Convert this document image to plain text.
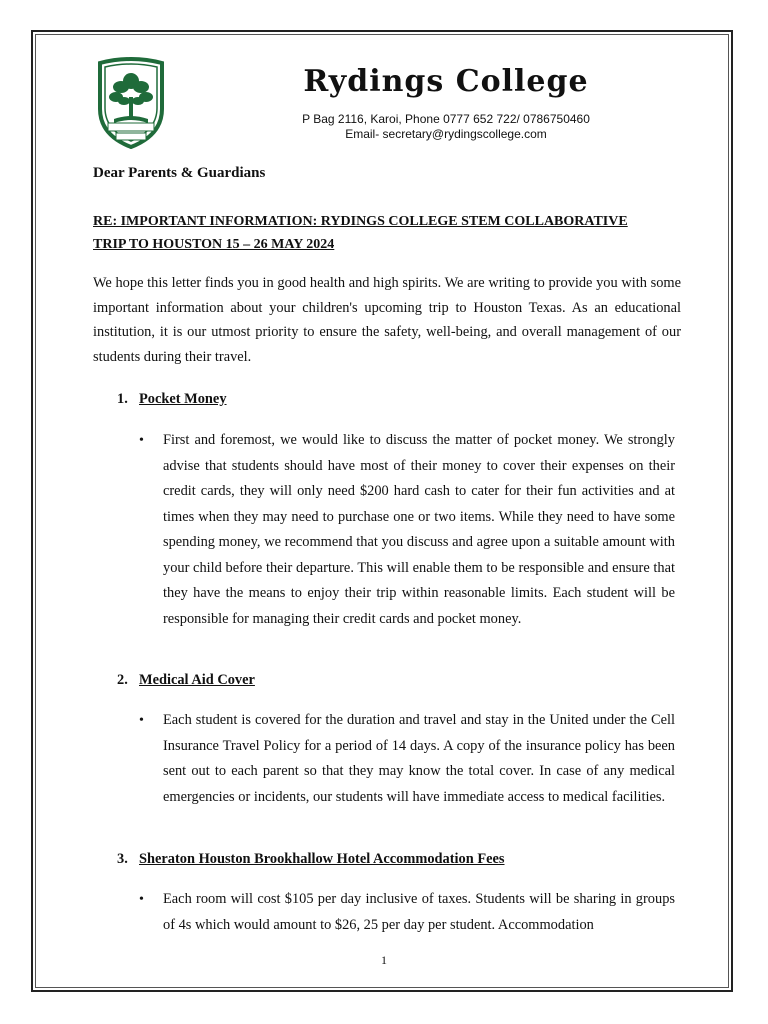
Rydings College
P Bag 2116, Karoi, Phone 0777 652 722/ 0786750460
Email- secretary@rydingscollege.com
Dear Parents & Guardians
RE: IMPORTANT INFORMATION: RYDINGS COLLEGE STEM COLLABORATIVE
TRIP TO HOUSTON 15 – 26 MAY 2024

We hope this letter finds you in good health and high spirits. We are writing to provide you with some important information about your children's upcoming trip to Houston Texas. As an educational institution, it is our utmost priority to ensure the safety, well-being, and overall management of our students during their travel.

1. Pocket Money
• First and foremost, we would like to discuss the matter of pocket money. We strongly advise that students should have most of their money to cover their expenses on their credit cards, they will only need $200 hard cash to cater for their fun activities and at times when they may need to purchase one or two items. While they need to have some spending money, we recommend that you discuss and agree upon a suitable amount with your child before their departure. This will enable them to be responsible and ensure that they have the means to enjoy their trip within reasonable limits. Each student will be responsible for managing their credit cards and pocket money.

2. Medical Aid Cover
• Each student is covered for the duration and travel and stay in the United under the Cell Insurance Travel Policy for a period of 14 days. A copy of the insurance policy has been sent out to each parent so that they may know the total cover. In case of any medical emergencies or incidents, our students will have immediate access to medical facilities.

3. Sheraton Houston Brookhallow Hotel Accommodation Fees
• Each room will cost $105 per day inclusive of taxes. Students will be sharing in groups of 4s which would amount to $26, 25 per day per student. Accommodation

1
